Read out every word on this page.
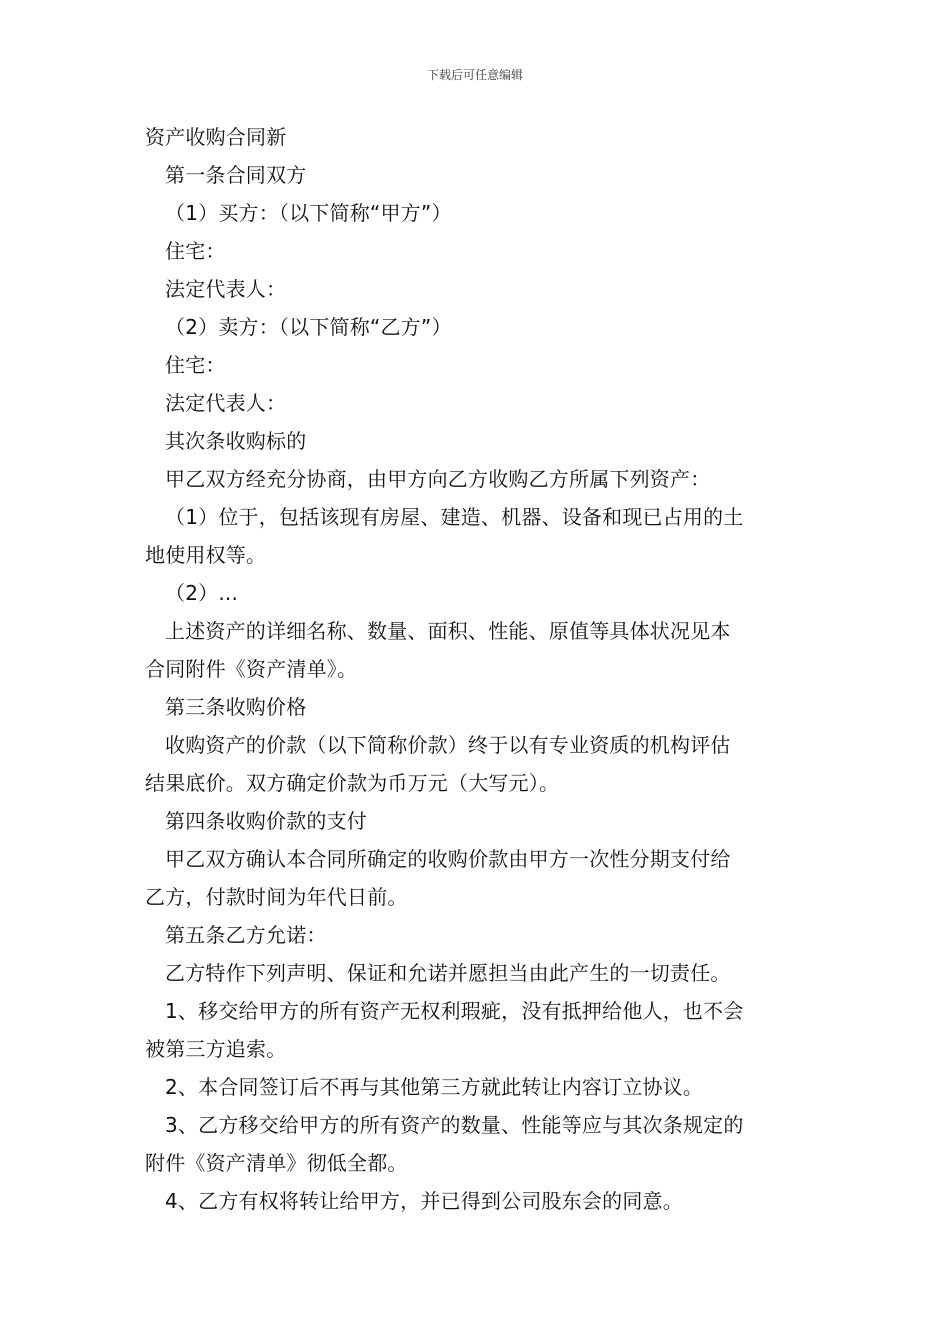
下载后可任意编辑
资产收购合同新
第一条合同双方
（1）买方：（以下简称“甲方”）
住宅：
法定代表人：
（2）卖方：（以下简称“乙方”）
住宅：
法定代表人：
其次条收购标的
甲乙双方经充分协商，由甲方向乙方收购乙方所属下列资产：
（1）位于，包括该现有房屋、建造、机器、设备和现已占用的土
地使用权等。
（2）...
上述资产的详细名称、数量、面积、性能、原值等具体状况见本
合同附件《资产清单》。
第三条收购价格
收购资产的价款（以下简称价款）终于以有专业资质的机构评估
结果底价。双方确定价款为币万元（大写元）。
第四条收购价款的支付
甲乙双方确认本合同所确定的收购价款由甲方一次性分期支付给
乙方，付款时间为年代日前。
第五条乙方允诺：
乙方特作下列声明、保证和允诺并愿担当由此产生的一切责任。
1、移交给甲方的所有资产无权利瑕疵，没有抵押给他人，也不会
被第三方追索。
2、本合同签订后不再与其他第三方就此转让内容订立协议。
3、乙方移交给甲方的所有资产的数量、性能等应与其次条规定的
附件《资产清单》彻低全都。
4、乙方有权将转让给甲方，并已得到公司股东会的同意。
